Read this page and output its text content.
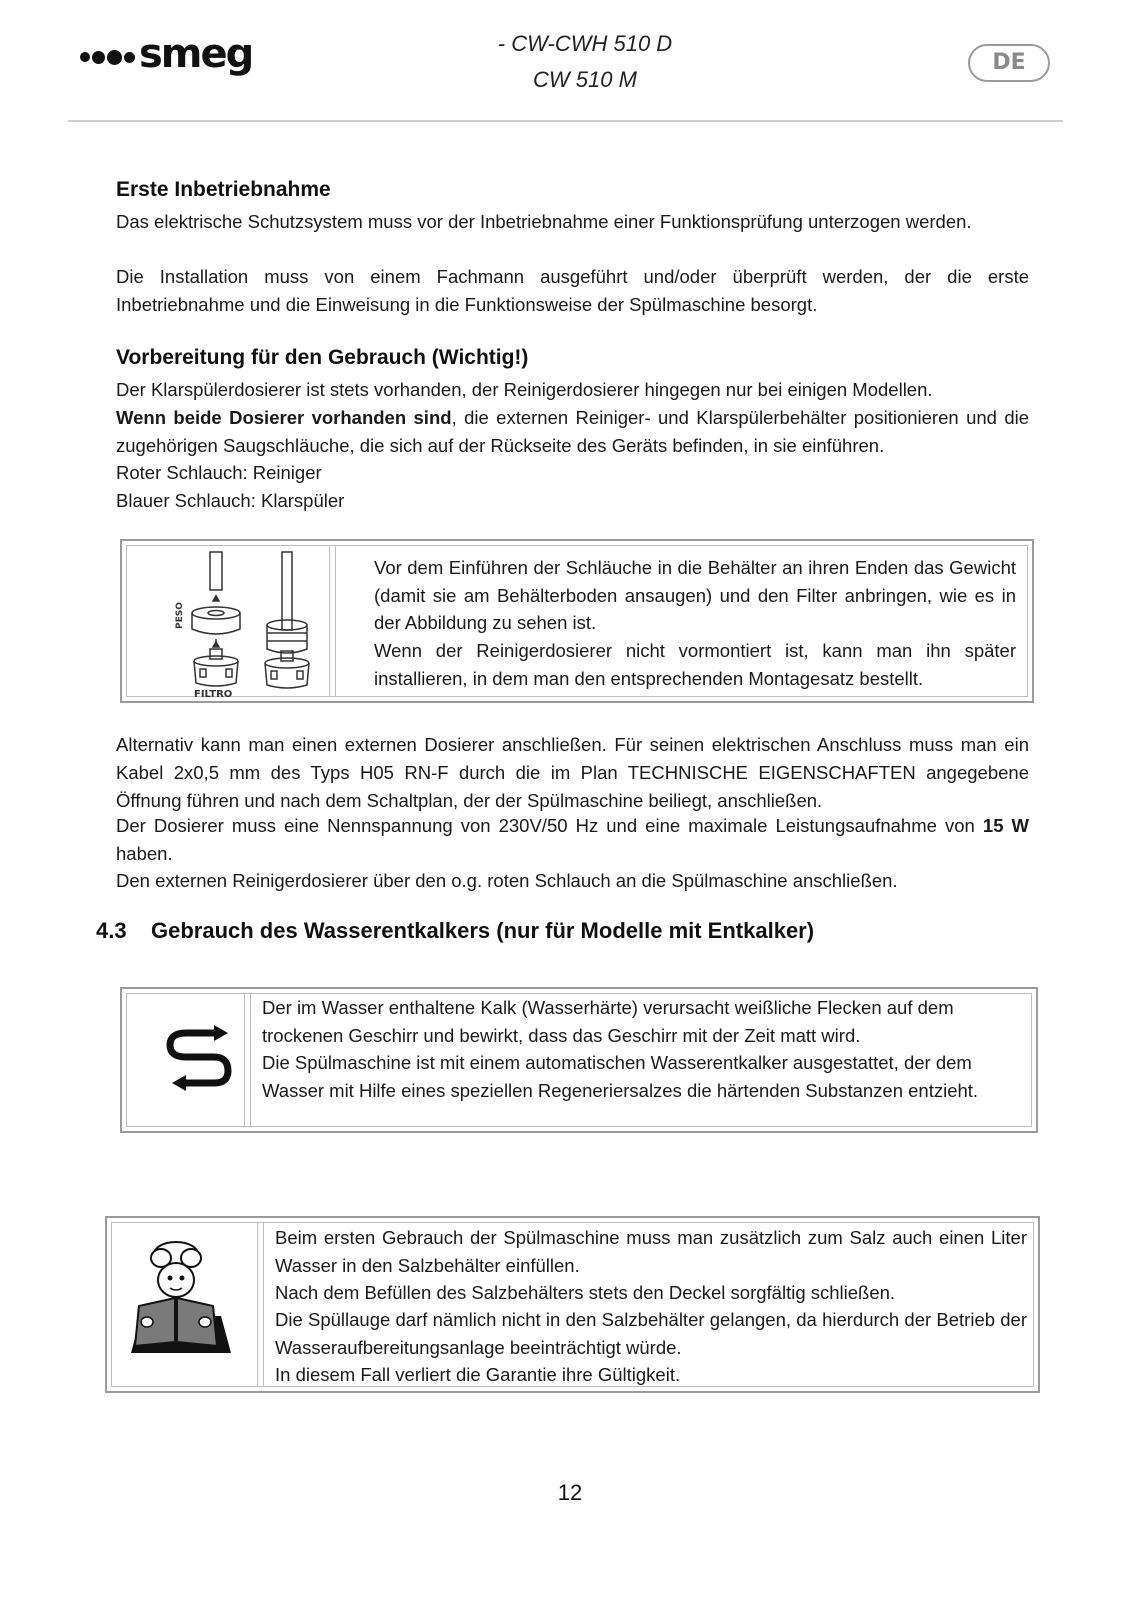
smeg	- CW-CWH 510 D
CW 510 M
DE
Erste Inbetriebnahme
Das elektrische Schutzsystem muss vor der Inbetriebnahme einer Funktionsprüfung unterzogen werden.
Die Installation muss von einem Fachmann ausgeführt und/oder überprüft werden, der die erste Inbetriebnahme und die Einweisung in die Funktionsweise der Spülmaschine besorgt.
Vorbereitung für den Gebrauch (Wichtig!)
Der Klarspülerdosierer ist stets vorhanden, der Reinigerdosierer hingegen nur bei einigen Modellen.
Wenn beide Dosierer vorhanden sind, die externen Reiniger- und Klarspülerbehälter positionieren und die zugehörigen Saugschläuche, die sich auf der Rückseite des Geräts befinden, in sie einführen.
Roter Schlauch: Reiniger
Blauer Schlauch: Klarspüler
PESO
FILTRO
Vor dem Einführen der Schläuche in die Behälter an ihren Enden das Gewicht (damit sie am Behälterboden ansaugen) und den Filter anbringen, wie es in der Abbildung zu sehen ist.
Wenn der Reinigerdosierer nicht vormontiert ist, kann man ihn später installieren, in dem man den entsprechenden Montagesatz bestellt.
Alternativ kann man einen externen Dosierer anschließen. Für seinen elektrischen Anschluss muss man ein Kabel 2x0,5 mm des Typs H05 RN-F durch die im Plan TECHNISCHE EIGENSCHAFTEN angegebene Öffnung führen und nach dem Schaltplan, der der Spülmaschine beiliegt, anschließen.
Der Dosierer muss eine Nennspannung von 230V/50 Hz und eine maximale Leistungsaufnahme von 15 W haben.
Den externen Reinigerdosierer über den o.g. roten Schlauch an die Spülmaschine anschließen.
4.3 Gebrauch des Wasserentkalkers (nur für Modelle mit Entkalker)
Der im Wasser enthaltene Kalk (Wasserhärte) verursacht weißliche Flecken auf dem trockenen Geschirr und bewirkt, dass das Geschirr mit der Zeit matt wird.
Die Spülmaschine ist mit einem automatischen Wasserentkalker ausgestattet, der dem Wasser mit Hilfe eines speziellen Regeneriersalzes die härtenden Substanzen entzieht.
Beim ersten Gebrauch der Spülmaschine muss man zusätzlich zum Salz auch einen Liter Wasser in den Salzbehälter einfüllen.
Nach dem Befüllen des Salzbehälters stets den Deckel sorgfältig schließen.
Die Spüllauge darf nämlich nicht in den Salzbehälter gelangen, da hierdurch der Betrieb der Wasseraufbereitungsanlage beeinträchtigt würde.
In diesem Fall verliert die Garantie ihre Gültigkeit.
12
